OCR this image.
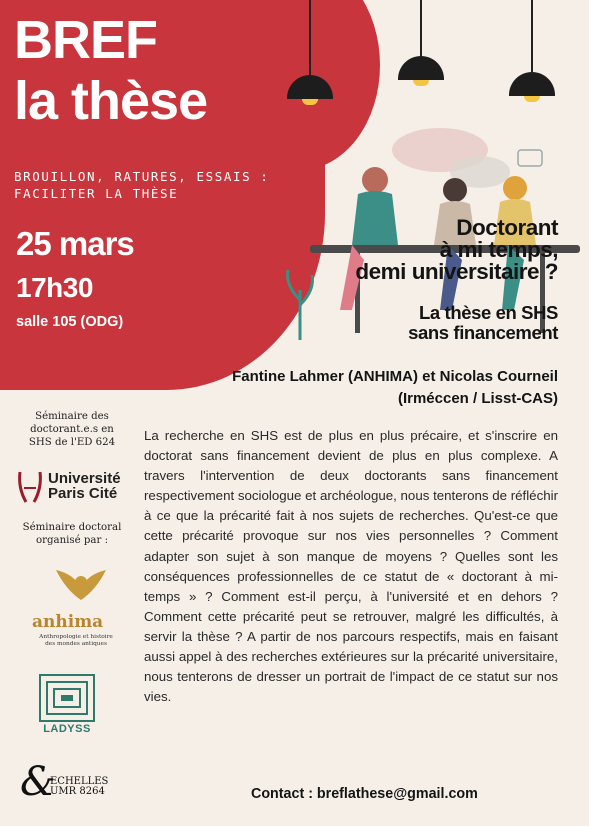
BREF
la thèse
BROUILLON, RATURES, ESSAIS :
FACILITER LA THÈSE
25 mars
17h30
salle 105 (ODG)
Doctorant
à mi temps,
demi universitaire ?
La thèse en SHS
sans financement
Fantine Lahmer (ANHIMA) et Nicolas Courneil
(Irméccen / Lisst-CAS)
Séminaire des
doctorant.e.s en
SHS de l'ED 624
Université
Paris Cité
Séminaire doctoral
organisé par :
anhima
Anthropologie et histoire
des mondes antiques
LADYSS
&
ECHELLES
UMR 8264
La recherche en SHS est de plus en plus précaire, et s'inscrire en doctorat sans financement devient de plus en plus complexe. A travers l'intervention de deux doctorants sans financement respectivement sociologue et archéologue, nous tenterons de réfléchir à ce que la précarité fait à nos sujets de recherches. Qu'est-ce que cette précarité provoque sur nos vies personnelles ? Comment adapter son sujet à son manque de moyens ? Quelles sont les conséquences professionnelles de ce statut de « doctorant à mi-temps » ? Comment est-il perçu, à l'université et en dehors ? Comment cette précarité peut se retrouver, malgré les difficultés, à servir la thèse ? A partir de nos parcours respectifs, mais en faisant aussi appel à des recherches extérieures sur la précarité universitaire, nous tenterons de dresser un portrait de l'impact de ce statut sur nos vies.
Contact : breflathese@gmail.com
